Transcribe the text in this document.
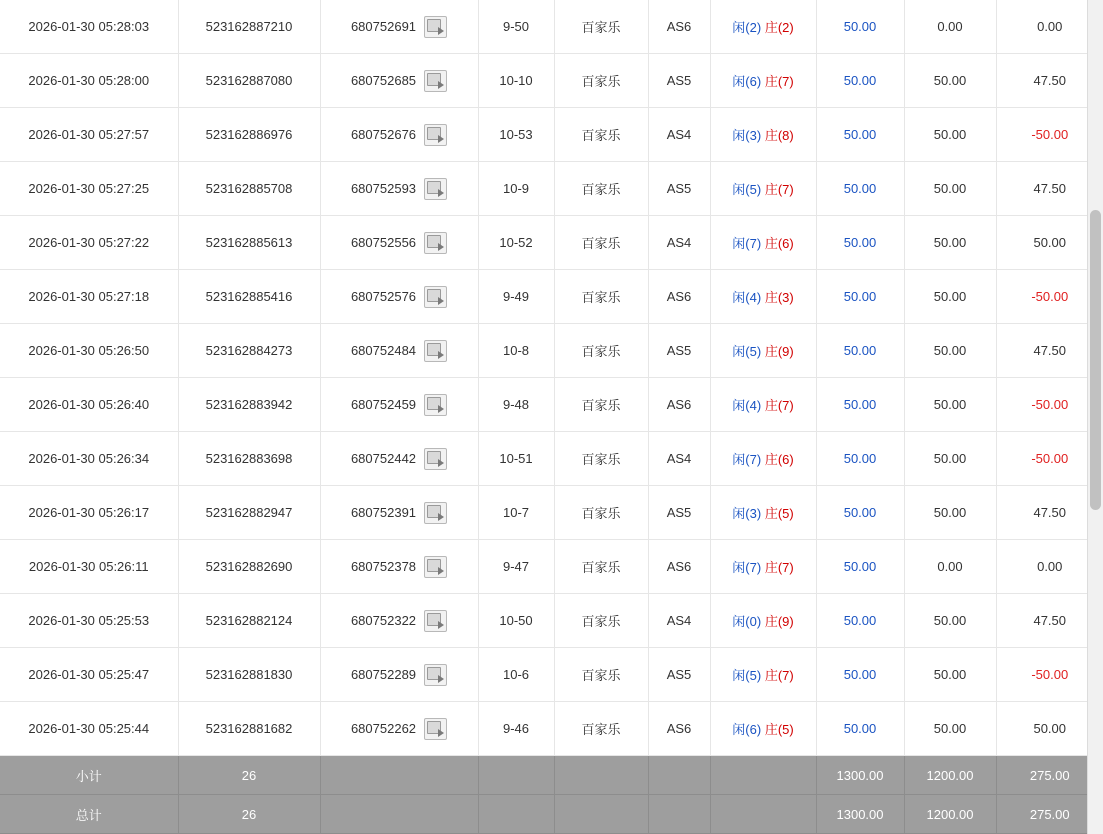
2026-01-30 05:28:03	523162887210	680752691	9-50	百家乐	AS6	闲(2) 庄(2)	50.00	0.00	0.00
2026-01-30 05:28:00	523162887080	680752685	10-10	百家乐	AS5	闲(6) 庄(7)	50.00	50.00	47.50
2026-01-30 05:27:57	523162886976	680752676	10-53	百家乐	AS4	闲(3) 庄(8)	50.00	50.00	-50.00
2026-01-30 05:27:25	523162885708	680752593	10-9	百家乐	AS5	闲(5) 庄(7)	50.00	50.00	47.50
2026-01-30 05:27:22	523162885613	680752556	10-52	百家乐	AS4	闲(7) 庄(6)	50.00	50.00	50.00
2026-01-30 05:27:18	523162885416	680752576	9-49	百家乐	AS6	闲(4) 庄(3)	50.00	50.00	-50.00
2026-01-30 05:26:50	523162884273	680752484	10-8	百家乐	AS5	闲(5) 庄(9)	50.00	50.00	47.50
2026-01-30 05:26:40	523162883942	680752459	9-48	百家乐	AS6	闲(4) 庄(7)	50.00	50.00	-50.00
2026-01-30 05:26:34	523162883698	680752442	10-51	百家乐	AS4	闲(7) 庄(6)	50.00	50.00	-50.00
2026-01-30 05:26:17	523162882947	680752391	10-7	百家乐	AS5	闲(3) 庄(5)	50.00	50.00	47.50
2026-01-30 05:26:11	523162882690	680752378	9-47	百家乐	AS6	闲(7) 庄(7)	50.00	0.00	0.00
2026-01-30 05:25:53	523162882124	680752322	10-50	百家乐	AS4	闲(0) 庄(9)	50.00	50.00	47.50
2026-01-30 05:25:47	523162881830	680752289	10-6	百家乐	AS5	闲(5) 庄(7)	50.00	50.00	-50.00
2026-01-30 05:25:44	523162881682	680752262	9-46	百家乐	AS6	闲(6) 庄(5)	50.00	50.00	50.00
小计	26						1300.00	1200.00	275.00
总计	26						1300.00	1200.00	275.00
